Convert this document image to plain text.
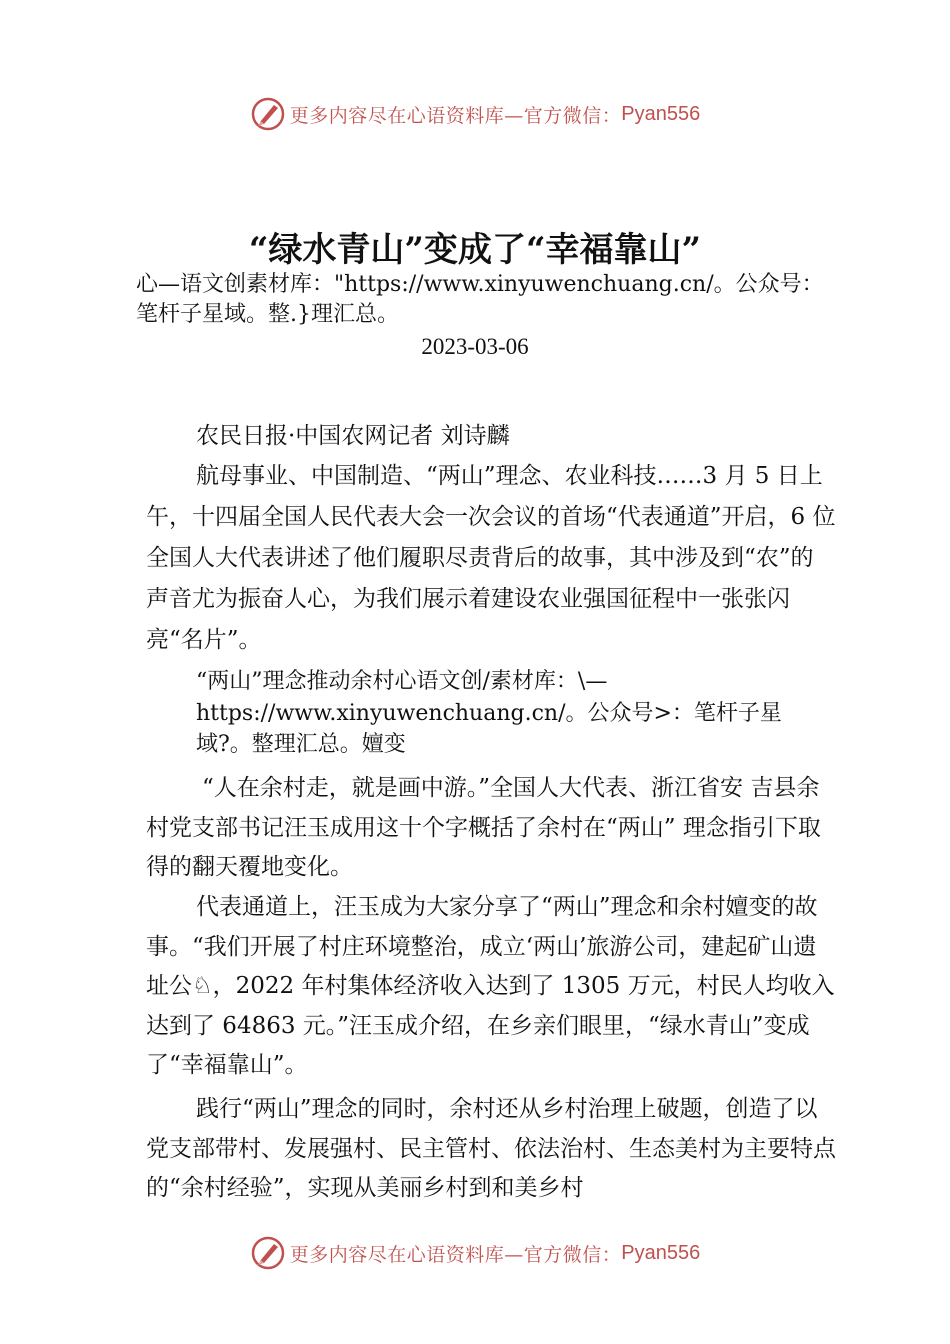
更多内容尽在心语资料库—官方微信： Pyan556
“绿水青山”变成了“幸福靠山”
心—语文创素材库："https://www.xinyuwenchuang.cn/。公众号：笔杆子星域。整.}理汇总。
2023-03-06

农民日报·中国农网记者 刘诗麟

航母事业、中国制造、“两山”理念、农业科技……3 月 5 日上午，十四届全国人民代表大会一次会议的首场“代表通道”开启，6 位全国人大代表讲述了他们履职尽责背后的故事，其中涉及到“农”的声音尤为振奋人心，为我们展示着建设农业强国征程中一张张闪亮“名片”。

“两山”理念推动余村心语文创/素材库：\—https://www.xinyuwenchuang.cn/。公众号>：笔杆子星域?。整理汇总。嬗变

“人在余村走，就是画中游。”全国人大代表、浙江省安 吉县余村党支部书记汪玉成用这十个字概括了余村在“两山” 理念指引下取得的翻天覆地变化。

代表通道上，汪玉成为大家分享了“两山”理念和余村嬗变的故事。“我们开展了村庄环境整治，成立‘两山’旅游公司，建起矿山遗址公♘，2022 年村集体经济收入达到了 1305 万元，村民人均收入达到了 64863 元。”汪玉成介绍，在乡亲们眼里，“绿水青山”变成了“幸福靠山”。

践行“两山”理念的同时，余村还从乡村治理上破题，创造了以党支部带村、发展强村、民主管村、依法治村、生态美村为主要特点的“余村经验”，实现从美丽乡村到和美乡村

更多内容尽在心语资料库—官方微信： Pyan556
